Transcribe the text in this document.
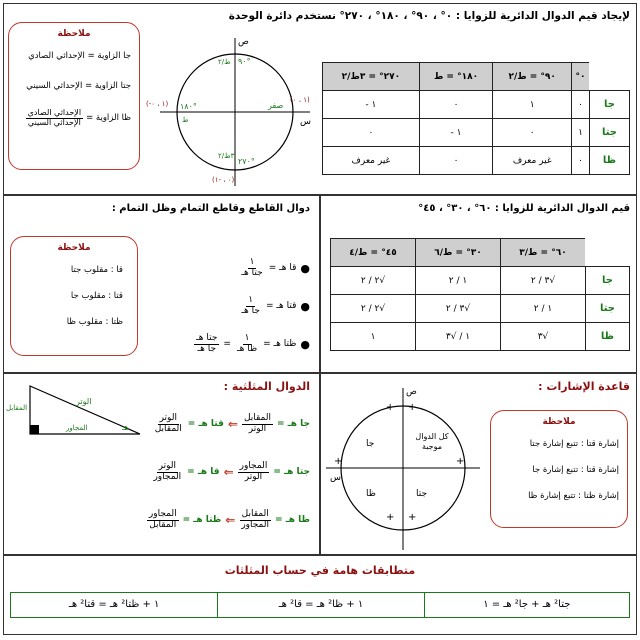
لإيجاد قيم الدوال الدائرية للزوايا : ٠° ، ٩٠° ، ١٨٠° ، ٢٧٠° نستخدم دائرة الوحدة
	٠°	٩٠° = ط/٢	١٨٠° = ط	٢٧٠° = ٣ط/٢
جا	٠	١	٠	١ -
جتا	١	٠	١ -	٠
ظا	٠	غير معرف	٠	غير معرف
ص
س
٩٠°
ط/٢
١٨٠°
ط
٢٧٠°
٣ط/٢
صفر
(-١ ، ٠)
(٠ ، -١)
(١ ، ٠)
ملاحظة
جا الزاوية = الإحداثي الصادي
جتا الزاوية = الإحداثي السيني
ظا الزاوية =
$\frac{\text{الإحداثي الصادي}}{\text{الإحداثي السيني}}$
قيم الدوال الدائرية للزوايا : ٦٠° ، ٣٠° ، ٤٥°
	٦٠° = ط/٣	٣٠° = ط/٦	٤٥° = ط/٤
جا	√٣ / ٢	١ / ٢	√٢ / ٢
جتا	١ / ٢	√٣ / ٢	√٢ / ٢
ظا	√٣	١ / √٣	١
دوال القاطع وقاطع التمام وظل التمام :
●
قا هـ =
$\frac{١}{\text{جتا هـ}}$
●
قتا هـ =
$\frac{١}{\text{جا هـ}}$
●
ظتا هـ =
$\frac{١}{\text{ظا هـ}}$
=
$\frac{\text{جتا هـ}}{\text{جا هـ}}$
ملاحظة
قا : مقلوب جتا
قتا : مقلوب جا
ظتا : مقلوب ظا
قاعدة الإشارات :
ص
س
+
+
+
+
+ +
جا
ظا	جتا
كل الدوال
موجبة
ملاحظة
إشارة قتا : تتبع إشارة جتا
إشارة قتا : تتبع إشارة جا
إشارة ظتا : تتبع إشارة ظا
الدوال المثلثية :
الوتر
المقابل
المجاور	هـ	جا هـ =
$\frac{\text{المقابل}}{\text{الوتر}}$
⇐
قتا هـ =
$\frac{\text{الوتر}}{\text{المقابل}}$
جتا هـ =
$\frac{\text{المجاور}}{\text{الوتر}}$
⇐
قا هـ =
$\frac{\text{الوتر}}{\text{المجاور}}$
ظا هـ =
$\frac{\text{المقابل}}{\text{المجاور}}$
⇐
ظتا هـ =
$\frac{\text{المجاور}}{\text{المقابل}}$
متطابقات هامة في حساب المثلثات
جتا² هـ + جا² هـ = ١
١ + ظا² هـ = قا² هـ
١ + ظتا² هـ = قتا² هـ
